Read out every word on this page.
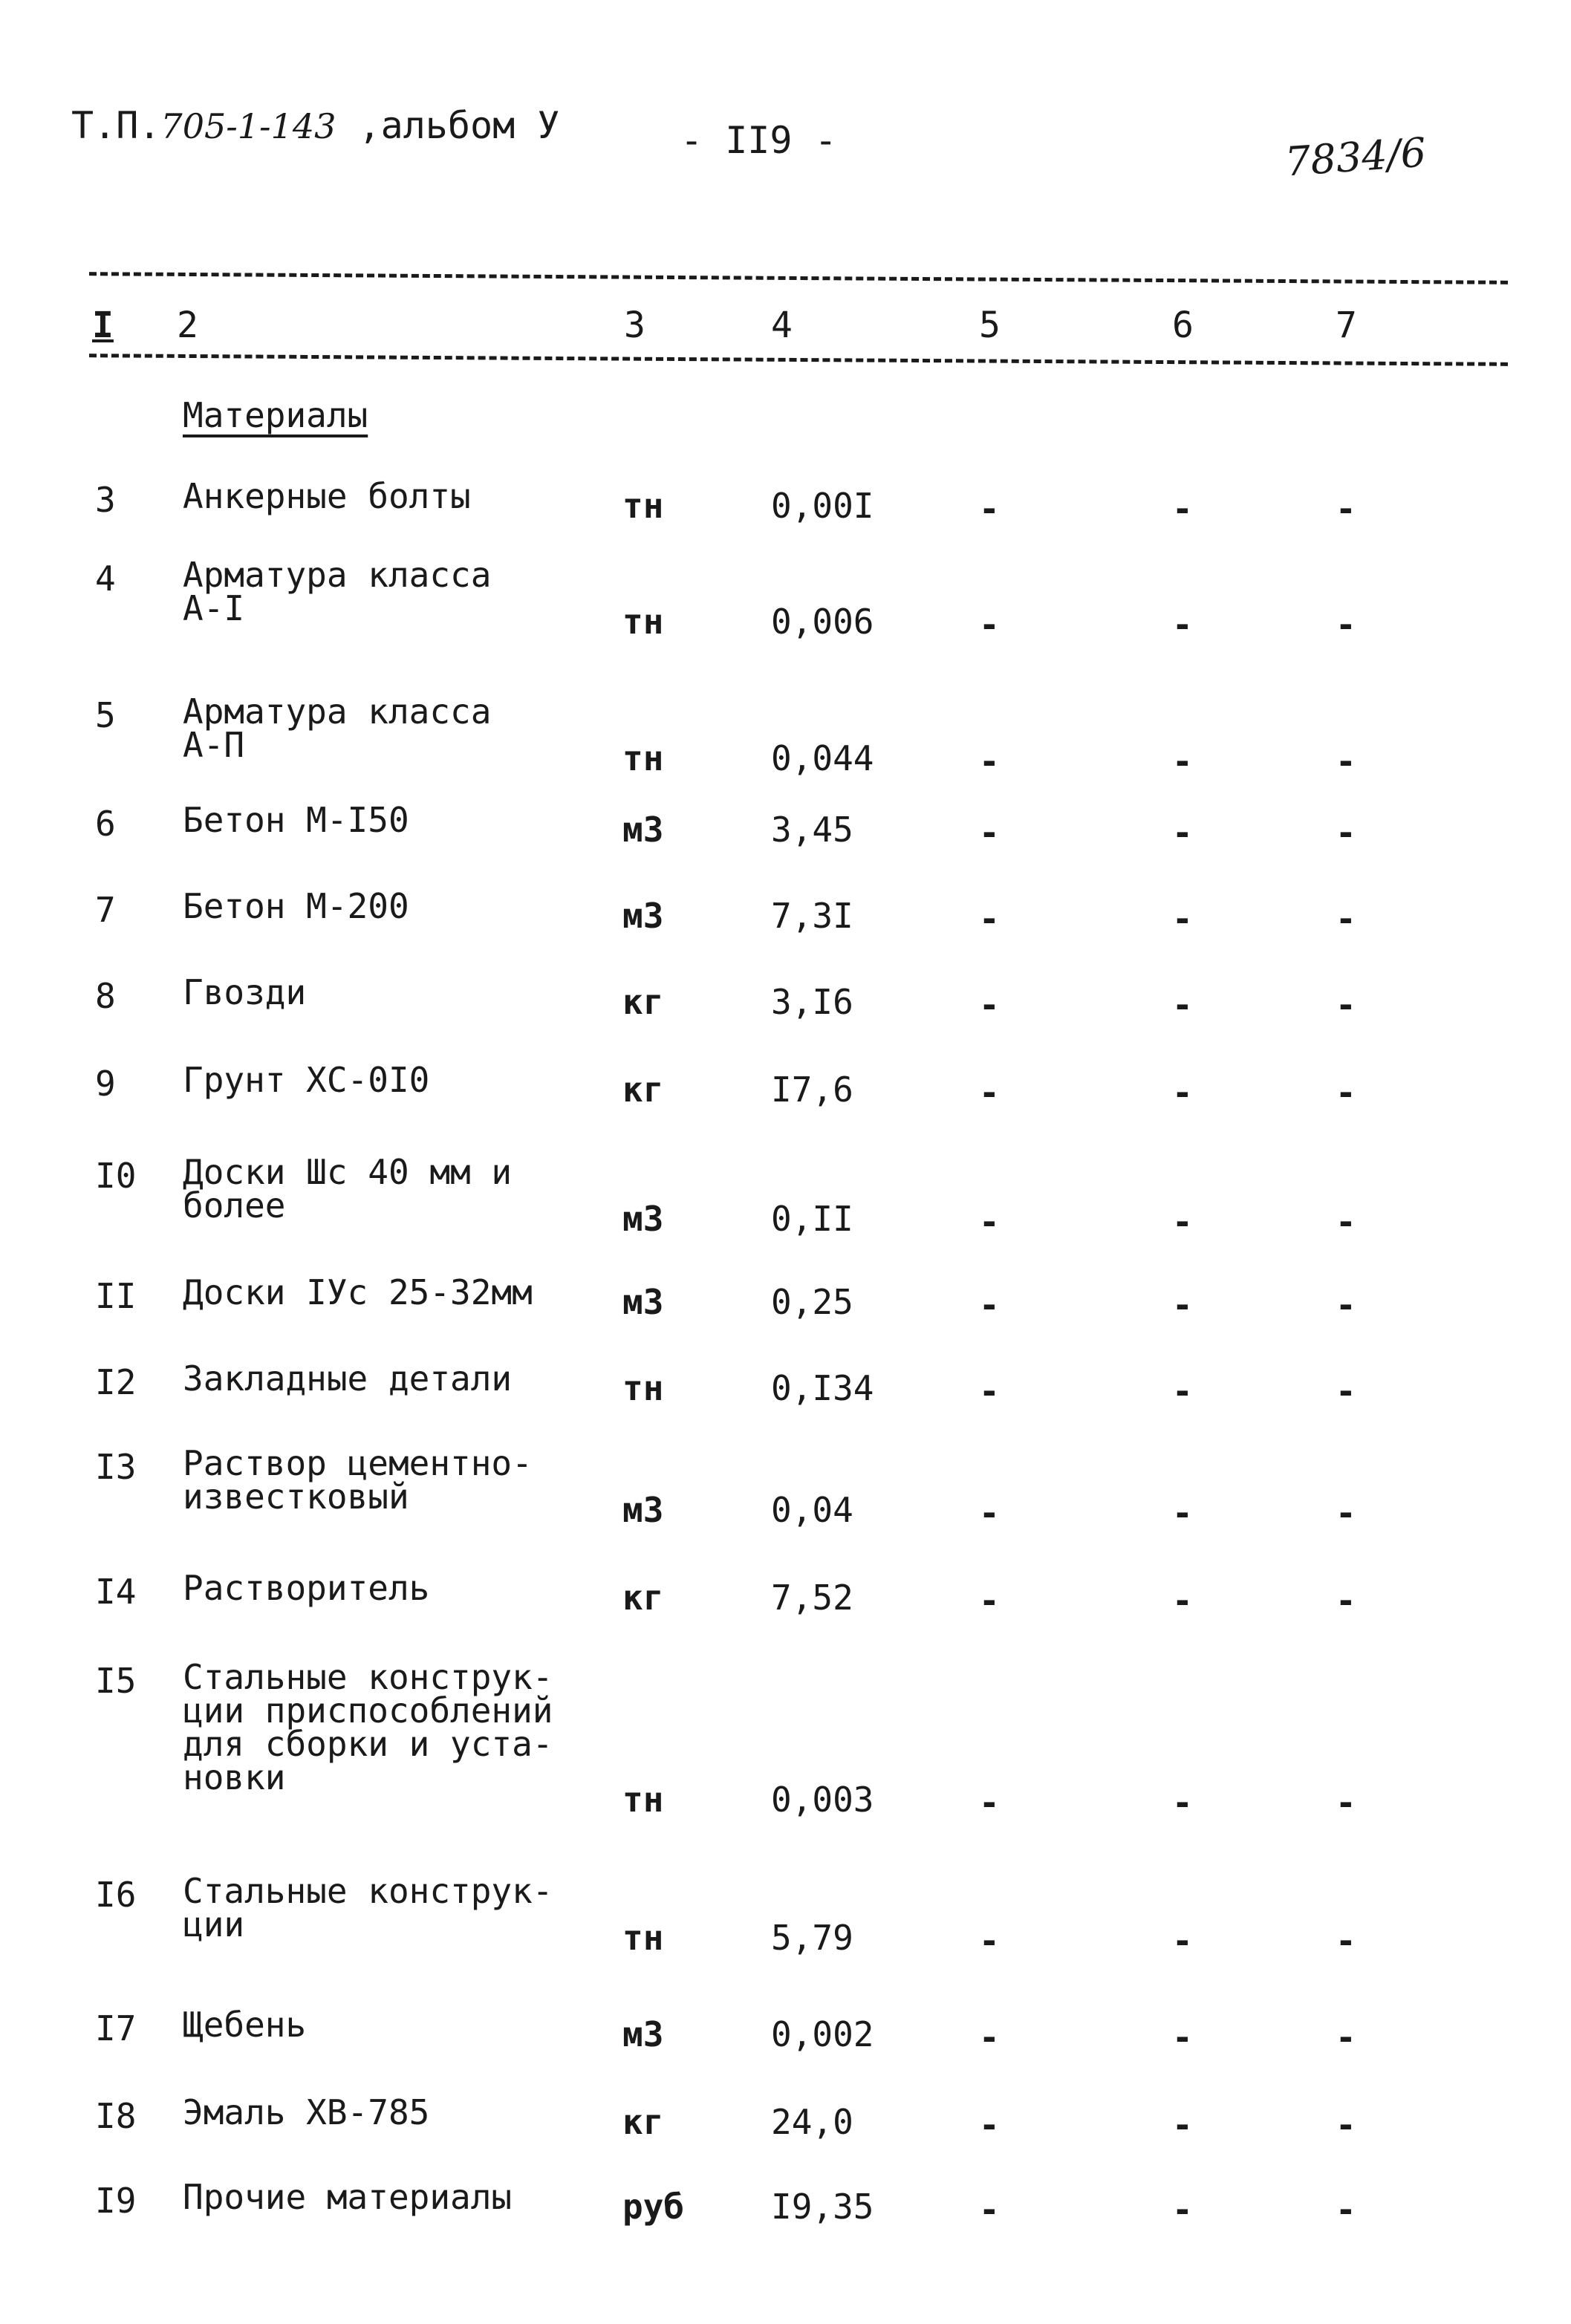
Т.П.705-1-143 ,альбом У	- II9 -	7834/6
I 2	3	4	5	6	7
Материалы
3 Анкерные болты	тн	0,00I	-	-	-
4 Арматура класса
А-I	тн	0,006	-	-	-
5 Арматура класса
А-П	тн	0,044	-	-	-
6 Бетон М-I50	м3	3,45	-	-	-
7 Бетон М-200	м3	7,3I	-	-	-
8 Гвозди	кг	3,I6	-	-	-
9 Грунт ХС-0I0	кг	I7,6	-	-	-
I0 Доски Шс 40 мм и
более	м3	0,II	-	-	-
II Доски IУс 25-32мм	м3	0,25	-	-	-
I2 Закладные детали	тн	0,I34	-	-	-
I3 Раствор цементно-
известковый	м3	0,04	-	-	-
I4 Растворитель	кг	7,52	-	-	-
I5 Стальные конструк-
ции приспособлений
для сборки и уста-
новки
тн	0,003	-	-	-
I6 Стальные конструк-
ции	тн	5,79	-	-	-
I7 Щебень	м3	0,002	-	-	-
I8 Эмаль ХВ-785	кг	24,0	-	-	-
I9 Прочие материалы	руб	I9,35	-	-	-
